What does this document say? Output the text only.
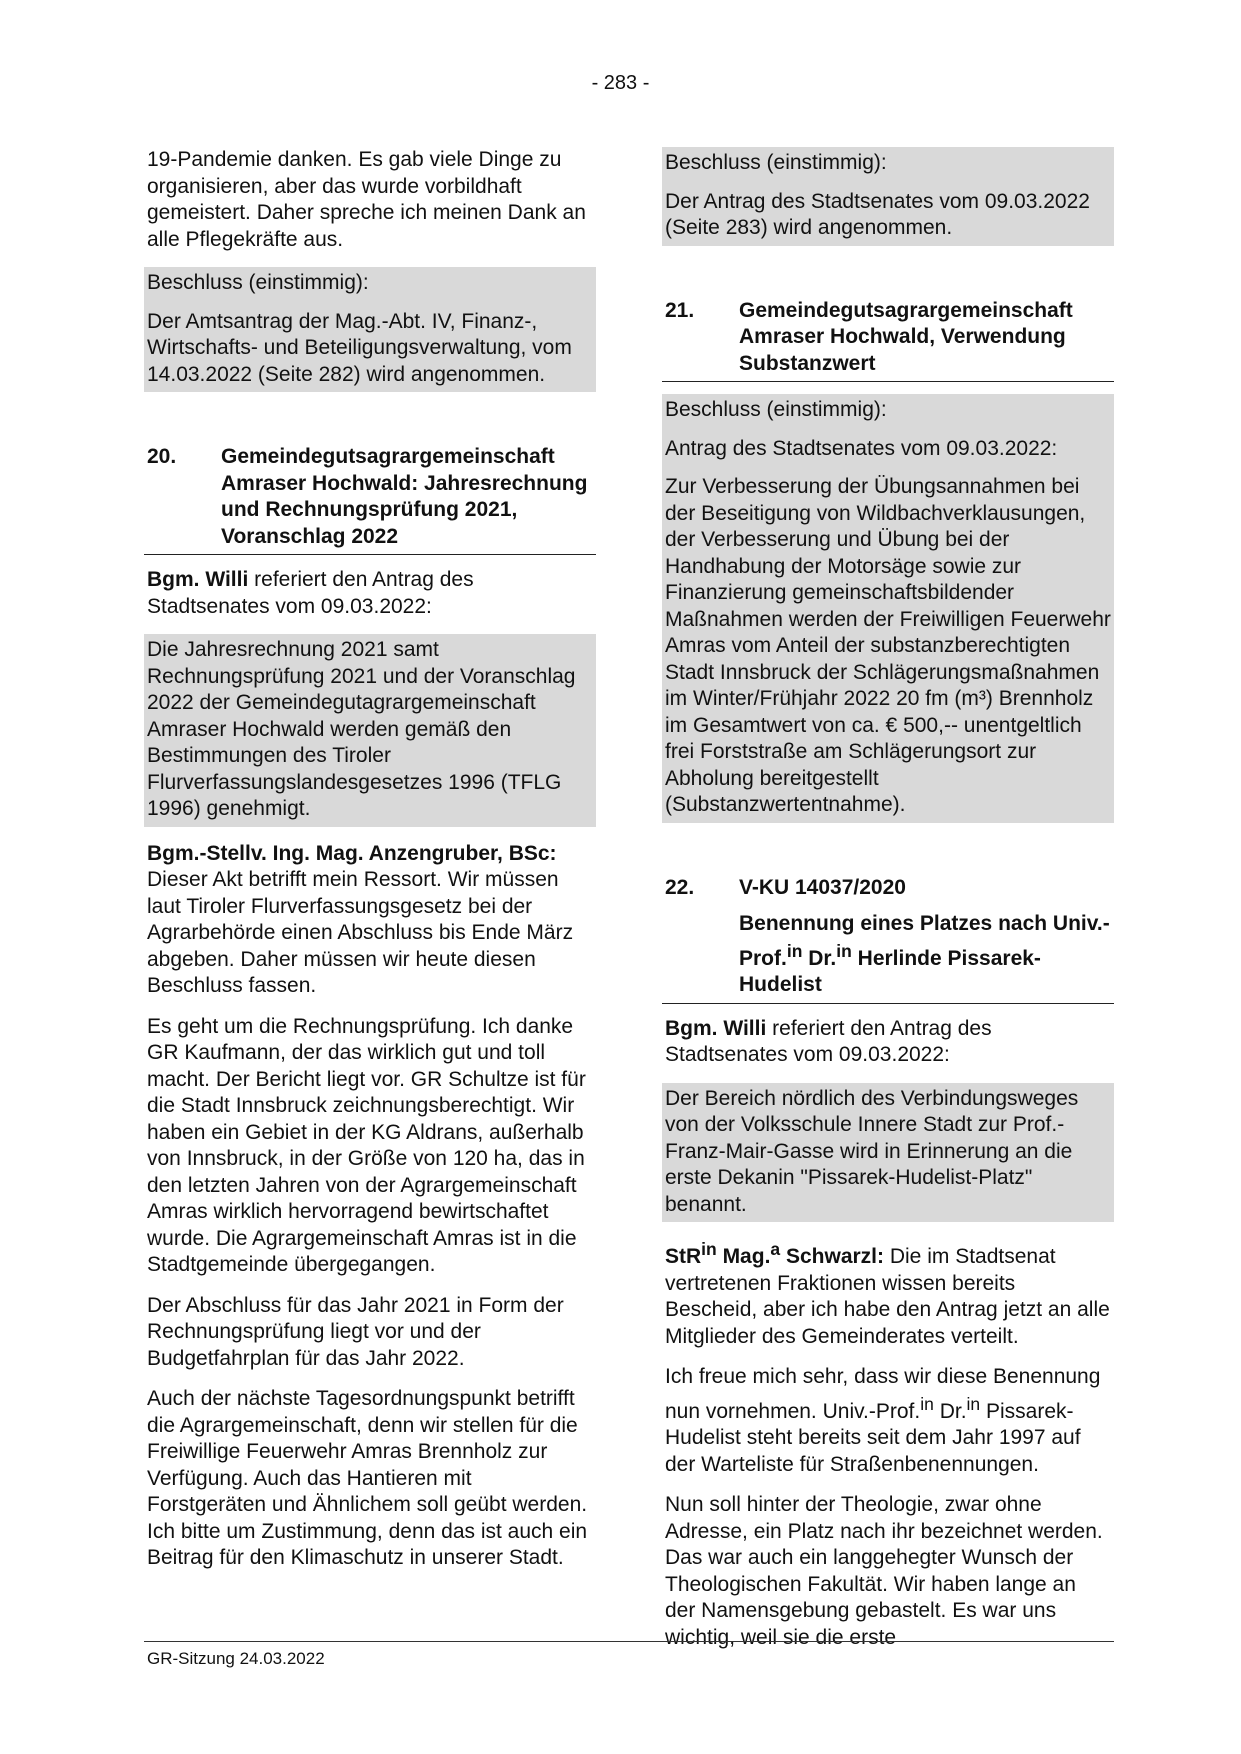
- 283 -

19-Pandemie danken. Es gab viele Dinge zu organisieren, aber das wurde vorbildhaft gemeistert. Daher spreche ich meinen Dank an alle Pflegekräfte aus.

Beschluss (einstimmig):

Der Amtsantrag der Mag.-Abt. IV, Finanz-, Wirtschafts- und Beteiligungsverwaltung, vom 14.03.2022 (Seite 282) wird angenommen.

20.	Gemeindegutsagrargemeinschaft Amraser Hochwald: Jahresrechnung und Rechnungsprüfung 2021, Voranschlag 2022

Bgm. Willi referiert den Antrag des Stadtsenates vom 09.03.2022:

Die Jahresrechnung 2021 samt Rechnungsprüfung 2021 und der Voranschlag 2022 der Gemeindegutagrargemeinschaft Amraser Hochwald werden gemäß den Bestimmungen des Tiroler Flurverfassungslandesgesetzes 1996 (TFLG 1996) genehmigt.

Bgm.-Stellv. Ing. Mag. Anzengruber, BSc: Dieser Akt betrifft mein Ressort. Wir müssen laut Tiroler Flurverfassungsgesetz bei der Agrarbehörde einen Abschluss bis Ende März abgeben. Daher müssen wir heute diesen Beschluss fassen.

Es geht um die Rechnungsprüfung. Ich danke GR Kaufmann, der das wirklich gut und toll macht. Der Bericht liegt vor. GR Schultze ist für die Stadt Innsbruck zeichnungsberechtigt. Wir haben ein Gebiet in der KG Aldrans, außerhalb von Innsbruck, in der Größe von 120 ha, das in den letzten Jahren von der Agrargemeinschaft Amras wirklich hervorragend bewirtschaftet wurde. Die Agrargemeinschaft Amras ist in die Stadtgemeinde übergegangen.

Der Abschluss für das Jahr 2021 in Form der Rechnungsprüfung liegt vor und der Budgetfahrplan für das Jahr 2022.

Auch der nächste Tagesordnungspunkt betrifft die Agrargemeinschaft, denn wir stellen für die Freiwillige Feuerwehr Amras Brennholz zur Verfügung. Auch das Hantieren mit Forstgeräten und Ähnlichem soll geübt werden. Ich bitte um Zustimmung, denn das ist auch ein Beitrag für den Klimaschutz in unserer Stadt.

Beschluss (einstimmig):

Der Antrag des Stadtsenates vom 09.03.2022 (Seite 283) wird angenommen.

21.	Gemeindegutsagrargemeinschaft Amraser Hochwald, Verwendung Substanzwert

Beschluss (einstimmig):

Antrag des Stadtsenates vom 09.03.2022:

Zur Verbesserung der Übungsannahmen bei der Beseitigung von Wildbachverklausungen, der Verbesserung und Übung bei der Handhabung der Motorsäge sowie zur Finanzierung gemeinschaftsbildender Maßnahmen werden der Freiwilligen Feuerwehr Amras vom Anteil der substanzberechtigten Stadt Innsbruck der Schlägerungsmaßnahmen im Winter/Frühjahr 2022 20 fm (m³) Brennholz im Gesamtwert von ca. € 500,-- unentgeltlich frei Forststraße am Schlägerungsort zur Abholung bereitgestellt (Substanzwertentnahme).

22.	V-KU 14037/2020
Benennung eines Platzes nach Univ.-Prof.$^{in}$ Dr.$^{in}$ Herlinde Pissarek-Hudelist

Bgm. Willi referiert den Antrag des Stadtsenates vom 09.03.2022:

Der Bereich nördlich des Verbindungsweges von der Volksschule Innere Stadt zur Prof.-Franz-Mair-Gasse wird in Erinnerung an die erste Dekanin "Pissarek-Hudelist-Platz" benannt.

StR$^{in}$ Mag.$^a$ Schwarzl: Die im Stadtsenat vertretenen Fraktionen wissen bereits Bescheid, aber ich habe den Antrag jetzt an alle Mitglieder des Gemeinderates verteilt.

Ich freue mich sehr, dass wir diese Benennung nun vornehmen. Univ.-Prof.$^{in}$ Dr.$^{in}$ Pissarek-Hudelist steht bereits seit dem Jahr 1997 auf der Warteliste für Straßenbenennungen.

Nun soll hinter der Theologie, zwar ohne Adresse, ein Platz nach ihr bezeichnet werden. Das war auch ein langgehegter Wunsch der Theologischen Fakultät. Wir haben lange an der Namensgebung gebastelt. Es war uns wichtig, weil sie die erste

GR-Sitzung 24.03.2022
